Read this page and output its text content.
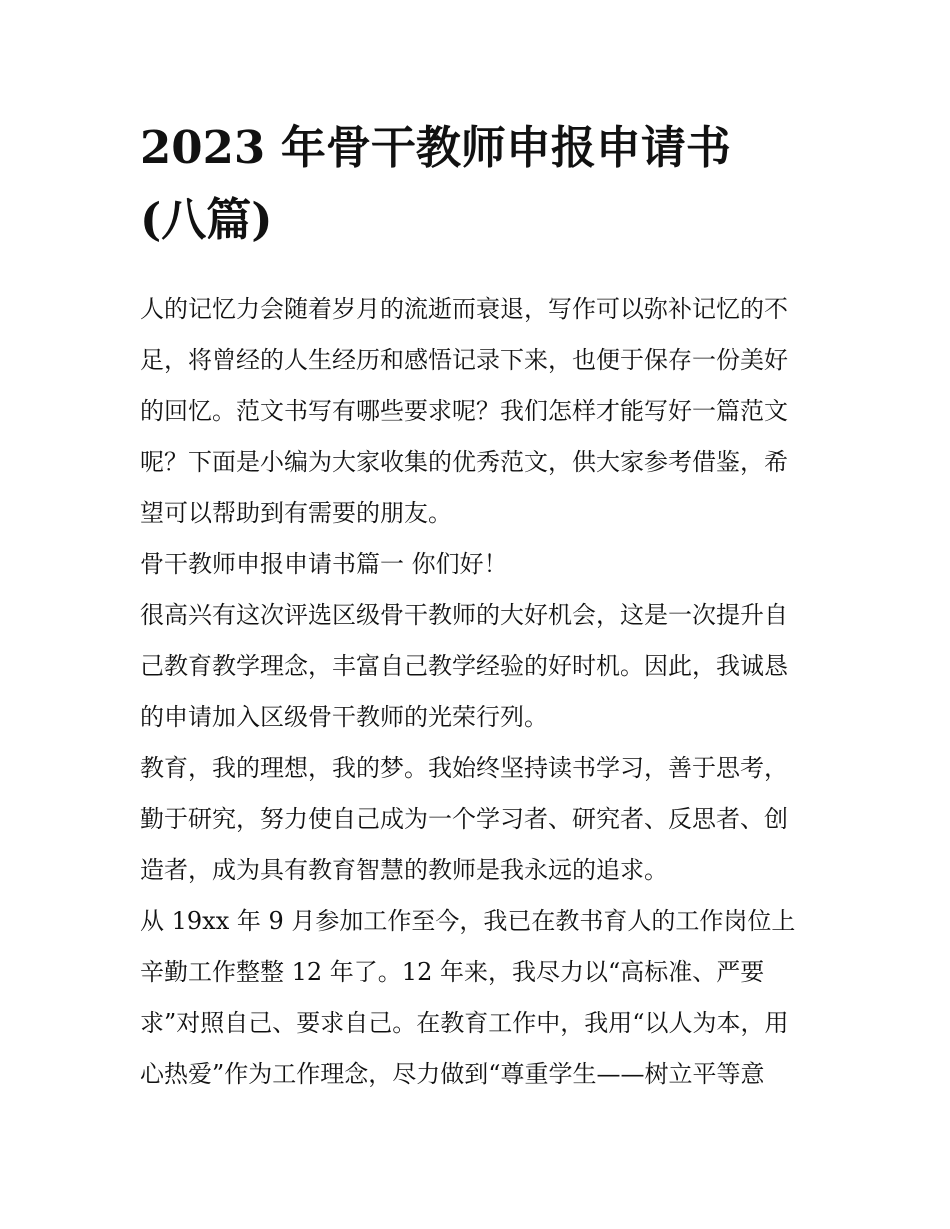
2023 年骨干教师申报申请书
(八篇)
人的记忆力会随着岁月的流逝而衰退，写作可以弥补记忆的不
足，将曾经的人生经历和感悟记录下来，也便于保存一份美好
的回忆。范文书写有哪些要求呢？我们怎样才能写好一篇范文
呢？下面是小编为大家收集的优秀范文，供大家参考借鉴，希
望可以帮助到有需要的朋友。
骨干教师申报申请书篇一 你们好！
很高兴有这次评选区级骨干教师的大好机会，这是一次提升自
己教育教学理念，丰富自己教学经验的好时机。因此，我诚恳
的申请加入区级骨干教师的光荣行列。
教育，我的理想，我的梦。我始终坚持读书学习，善于思考，
勤于研究，努力使自己成为一个学习者、研究者、反思者、创
造者，成为具有教育智慧的教师是我永远的追求。
从 19xx 年 9 月参加工作至今，我已在教书育人的工作岗位上
辛勤工作整整 12 年了。12 年来，我尽力以“高标准、严要
求”对照自己、要求自己。在教育工作中，我用“以人为本，用
心热爱”作为工作理念，尽力做到“尊重学生——树立平等意
